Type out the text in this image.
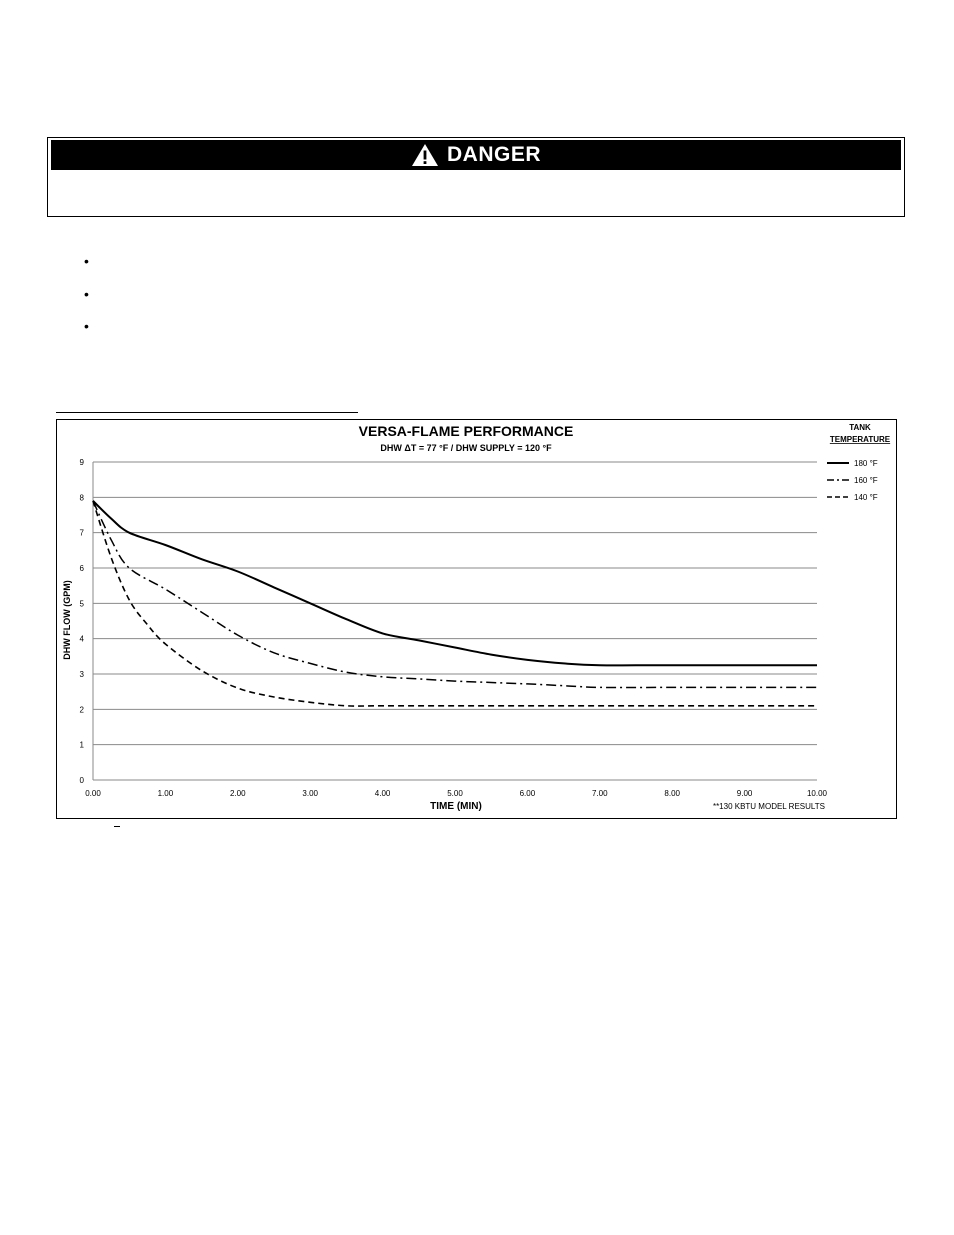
DANGER
•
•
•
VERSA-FLAME PERFORMANCE
DHW ΔT = 77 °F / DHW SUPPLY = 120 °F
TIME (MIN)
DHW FLOW (GPM)
**130 KBTU MODEL RESULTS
TANK
TEMPERATURE
0
1
2
3
4
5
6
7
8
9
0.00	1.00	2.00	3.00	4.00	5.00	6.00	7.00	8.00	9.00	10.00
180 °F
160 °F
140 °F
